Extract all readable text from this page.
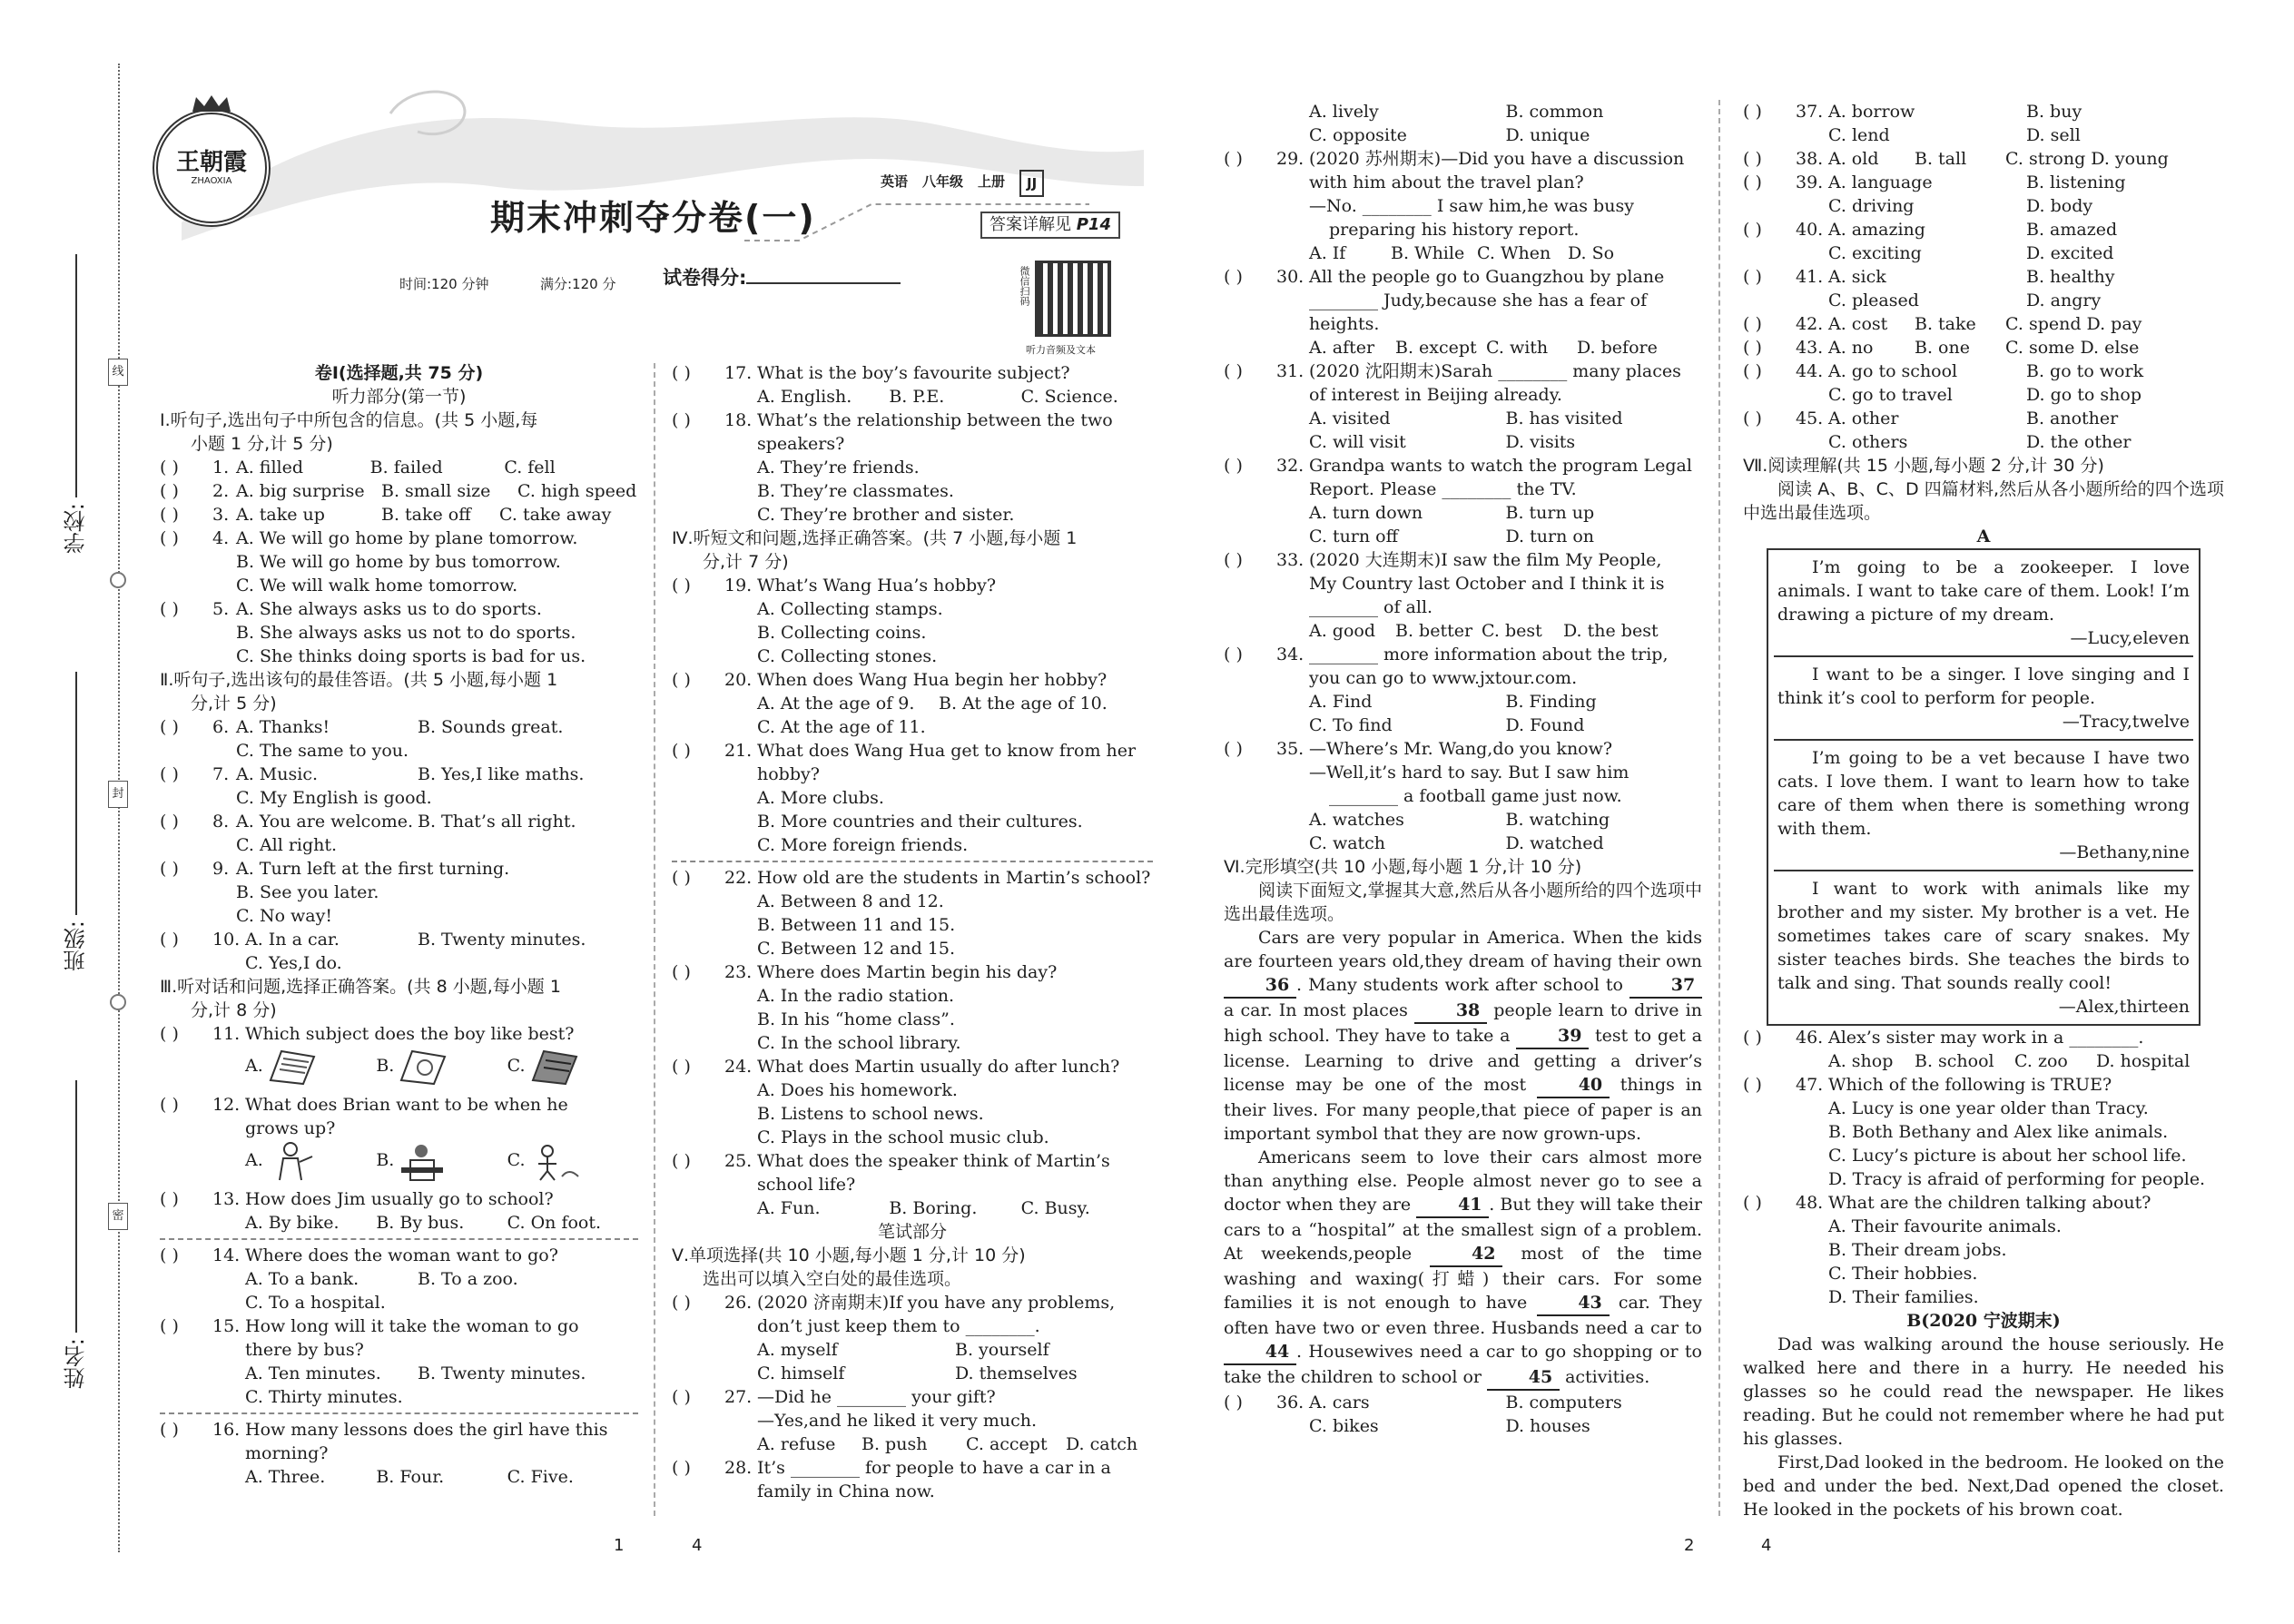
王朝霞
ZHAOXIA
期末冲刺夺分卷(一)
英语 八年级 上册	JJ
答案详解见 P14
时间:120 分钟	满分:120 分 试卷得分:	微信扫码
听力音频及文本
学校:
班级:
姓名:
线
封
密
卷Ⅰ(选择题,共 75 分)
听力部分(第一节)
Ⅰ.听句子,选出句子中所包含的信息。(共 5 小题,每
小题 1 分,计 5 分)
( ) 1. A. filled	B. failed	C. fell
( ) 2. A. big surprise B. small size	C. high speed
( ) 3. A. take up	B. take off	C. take away
( ) 4. A. We will go home by plane tomorrow.
B. We will go home by bus tomorrow.
C. We will walk home tomorrow.
( ) 5. A. She always asks us to do sports.
B. She always asks us not to do sports.
C. She thinks doing sports is bad for us.
Ⅱ.听句子,选出该句的最佳答语。(共 5 小题,每小题 1
分,计 5 分)
( ) 6. A. Thanks!	B. Sounds great.
C. The same to you.
( ) 7. A. Music.	B. Yes,I like maths.
C. My English is good.
( ) 8. A. You are welcome. B. That’s all right.
C. All right.
( ) 9. A. Turn left at the first turning.
B. See you later.
C. No way!
( ) 10. A. In a car.	B. Twenty minutes.
C. Yes,I do.
Ⅲ.听对话和问题,选择正确答案。(共 8 小题,每小题 1
分,计 8 分)
( ) 11. Which subject does the boy like best?
A.	B.	C.
( ) 12. What does Brian want to be when he
grows up?
A.	B.	C.
( ) 13. How does Jim usually go to school?
A. By bike.	B. By bus.	C. On foot.
( ) 14. Where does the woman want to go?
A. To a bank.	B. To a zoo.
C. To a hospital.
( ) 15. How long will it take the woman to go
there by bus?
A. Ten minutes.	B. Twenty minutes.
C. Thirty minutes.
( ) 16. How many lessons does the girl have this
morning?
A. Three.	B. Four.	C. Five.
1
( ) 17. What is the boy’s favourite subject?
A. English.	B. P.E.	C. Science.
( ) 18. What’s the relationship between the two
speakers?
A. They’re friends.
B. They’re classmates.
C. They’re brother and sister.
Ⅳ.听短文和问题,选择正确答案。(共 7 小题,每小题 1
分,计 7 分)
( ) 19. What’s Wang Hua’s hobby?
A. Collecting stamps.
B. Collecting coins.
C. Collecting stones.
( ) 20. When does Wang Hua begin her hobby?
A. At the age of 9.	B. At the age of 10.
C. At the age of 11.
( ) 21. What does Wang Hua get to know from her
hobby?
A. More clubs.
B. More countries and their cultures.
C. More foreign friends.
( ) 22. How old are the students in Martin’s school?
A. Between 8 and 12.
B. Between 11 and 15.
C. Between 12 and 15.
( ) 23. Where does Martin begin his day?
A. In the radio station.
B. In his “home class”.
C. In the school library.
( ) 24. What does Martin usually do after lunch?
A. Does his homework.
B. Listens to school news.
C. Plays in the school music club.
( ) 25. What does the speaker think of Martin’s
school life?
A. Fun.	B. Boring.	C. Busy.
笔试部分
Ⅴ.单项选择(共 10 小题,每小题 1 分,计 10 分)
选出可以填入空白处的最佳选项。
( ) 26. (2020 济南期末)If you have any problems,
don’t just keep them to ________.
A. myself	B. yourself
C. himself	D. themselves
( ) 27. —Did he ________ your gift?
—Yes,and he liked it very much.
A. refuse	B. push	C. accept	D. catch
( ) 28. It’s ________ for people to have a car in a
family in China now.
4
A. lively	B. common
C. opposite	D. unique
( ) 29. (2020 苏州期末)—Did you have a discussion
with him about the travel plan?
—No. ________ I saw him,he was busy
preparing his history report.
A. If	B. While C. When D. So
( ) 30. All the people go to Guangzhou by plane
________ Judy,because she has a fear of
heights.
A. after	B. except C. with	D. before
( ) 31. (2020 沈阳期末)Sarah ________ many places
of interest in Beijing already.
A. visited	B. has visited
C. will visit	D. visits
( ) 32. Grandpa wants to watch the program Legal
Report. Please ________ the TV.
A. turn down	B. turn up
C. turn off	D. turn on
( ) 33. (2020 大连期末)I saw the film My People,
My Country last October and I think it is
________ of all.
A. good	B. better C. best	D. the best
( ) 34. ________ more information about the trip,
you can go to www.jxtour.com.
A. Find	B. Finding
C. To find	D. Found
( ) 35. —Where’s Mr. Wang,do you know?
—Well,it’s hard to say. But I saw him
________ a football game just now.
A. watches	B. watching
C. watch	D. watched
Ⅵ.完形填空(共 10 小题,每小题 1 分,计 10 分)
阅读下面短文,掌握其大意,然后从各小题所给的四个选项中选出最佳选项。
Cars are very popular in America. When the kids are fourteen years old,they dream of having their own 36 . Many students work after school to	37 a car. In most places	38 people learn to drive in high school. They have to take a	39 test to get a license. Learning to drive and getting a driver’s license may be one of the most	40 things in their lives. For many people,that piece of paper is an important symbol that they are now grown-ups.
Americans seem to love their cars almost more than anything else. People almost never go to see a doctor when they are	41 . But they will take their cars to a “hospital” at the smallest sign of a problem. At weekends,people	42 most of the time washing and waxing(打蜡) their cars. For some families it is not enough to have	43 car. They often have two or even three. Husbands need a car to 44 . Housewives need a car to go shopping or to take the children to school or	45 activities.
( ) 36. A. cars	B. computers
C. bikes	D. houses
2
( ) 37. A. borrow	B. buy
C. lend	D. sell
( ) 38. A. old	B. tall	C. strong D. young
( ) 39. A. language	B. listening
C. driving	D. body
( ) 40. A. amazing	B. amazed
C. exciting	D. excited
( ) 41. A. sick	B. healthy
C. pleased	D. angry
( ) 42. A. cost	B. take	C. spend D. pay
( ) 43. A. no	B. one	C. some D. else
( ) 44. A. go to school	B. go to work
C. go to travel	D. go to shop
( ) 45. A. other	B. another
C. others	D. the other
Ⅶ.阅读理解(共 15 小题,每小题 2 分,计 30 分)
阅读 A、B、C、D 四篇材料,然后从各小题所给的四个选项中选出最佳选项。
A
I’m going to be a zookeeper. I love animals. I want to take care of them. Look! I’m drawing a picture of my dream.
—Lucy,eleven
I want to be a singer. I love singing and I think it’s cool to perform for people.
—Tracy,twelve
I’m going to be a vet because I have two cats. I love them. I want to learn how to take care of them when there is something wrong with them.
—Bethany,nine
I want to work with animals like my brother and my sister. My brother is a vet. He sometimes takes care of scary snakes. My sister teaches birds. She teaches the birds to talk and sing. That sounds really cool!
—Alex,thirteen
( ) 46. Alex’s sister may work in a ________.
A. shop	B. school	C. zoo	D. hospital
( ) 47. Which of the following is TRUE?
A. Lucy is one year older than Tracy.
B. Both Bethany and Alex like animals.
C. Lucy’s picture is about her school life.
D. Tracy is afraid of performing for people.
( ) 48. What are the children talking about?
A. Their favourite animals.
B. Their dream jobs.
C. Their hobbies.
D. Their families.
B(2020 宁波期末)
Dad was walking around the house seriously. He walked here and there in a hurry. He needed his glasses so he could read the newspaper. He likes reading. But he could not remember where he had put his glasses.
First,Dad looked in the bedroom. He looked on the bed and under the bed. Next,Dad opened the closet. He looked in the pockets of his brown coat.
4
